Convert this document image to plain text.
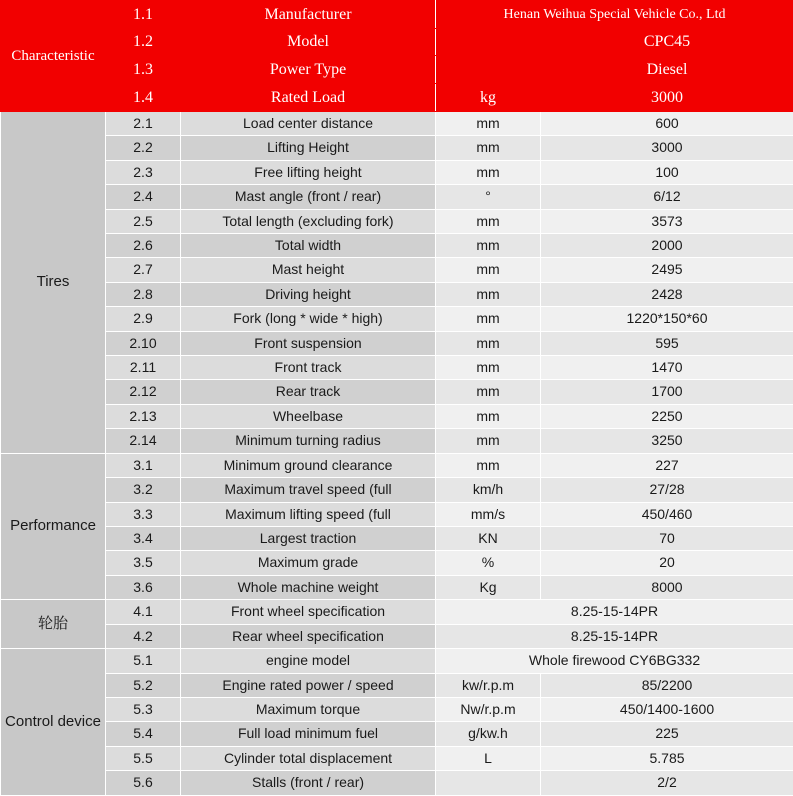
Characteristic	1.1	Manufacturer	Henan Weihua Special Vehicle Co., Ltd	
	1.2	Model		CPC45
	1.3	Power Type		Diesel
	1.4	Rated Load	kg	3000
Tires	2.1	Load center distance	mm	600
	2.2	Lifting Height	mm	3000
	2.3	Free lifting height	mm	100
	2.4	Mast angle (front / rear)	°	6/12
	2.5	Total length (excluding fork)	mm	3573
	2.6	Total width	mm	2000
	2.7	Mast height	mm	2495
	2.8	Driving height	mm	2428
	2.9	Fork (long * wide * high)	mm	1220*150*60
	2.10	Front suspension	mm	595
	2.11	Front track	mm	1470
	2.12	Rear track	mm	1700
	2.13	Wheelbase	mm	2250
	2.14	Minimum turning radius	mm	3250
Performance	3.1	Minimum ground clearance	mm	227
	3.2	Maximum travel speed (full	km/h	27/28
	3.3	Maximum lifting speed (full	mm/s	450/460
	3.4	Largest traction	KN	70
	3.5	Maximum grade	%	20
	3.6	Whole machine weight	Kg	8000
轮胎	4.1	Front wheel specification	8.25-15-14PR	
	4.2	Rear wheel specification	8.25-15-14PR	
Control device	5.1	engine model	Whole firewood CY6BG332	
	5.2	Engine rated power / speed	kw/r.p.m	85/2200
	5.3	Maximum torque	Nw/r.p.m	450/1400-1600
	5.4	Full load minimum fuel	g/kw.h	225
	5.5	Cylinder total displacement	L	5.785
	5.6	Stalls (front / rear)		2/2
